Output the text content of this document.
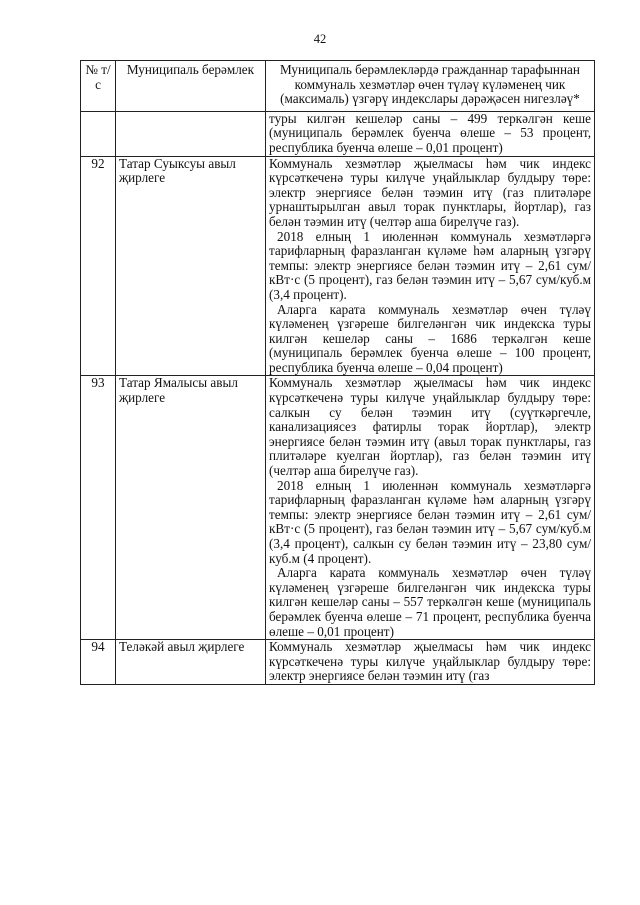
42
№ т/с	Муниципаль берәмлек	Муниципаль берәмлекләрдә гражданнар тарафыннан коммуналь хезмәтләр өчен түләү күләменең чик (максималь) үзгәрү индекслары дәрәҗәсен нигезләү*

		туры килгән кешеләр саны – 499 теркәлгән кеше (муниципаль берәмлек буенча өлеше – 53 процент, республика буенча өлеше – 0,01 процент)

92	Татар Суыксуы авыл җирлеге	Коммуналь хезмәтләр җыелмасы һәм чик индекс күрсәткеченә туры килүче уңайлыклар булдыру төре: электр энергиясе белән тәэмин итү (газ плитәләре урнаштырылган авыл торак пунктлары, йортлар), газ белән тәэмин итү (челтәр аша бирелүче газ).
2018 елның 1 июленнән коммуналь хезмәтләргә тарифларның фаразланган күләме һәм аларның үзгәрү темпы: электр энергиясе белән тәэмин итү – 2,61 сум/кВт·с (5 процент), газ белән тәэмин итү – 5,67 сум/куб.м (3,4 процент).
Аларга карата коммуналь хезмәтләр өчен түләү күләменең үзгәреше билгеләнгән чик индекска туры килгән кешеләр саны – 1686 теркәлгән кеше (муниципаль берәмлек буенча өлеше – 100 процент, республика буенча өлеше – 0,04 процент)

93	Татар Ямалысы авыл җирлеге	Коммуналь хезмәтләр җыелмасы һәм чик индекс күрсәткеченә туры килүче уңайлыклар булдыру төре: салкын су белән тәэмин итү (суүткәргечле, канализациясез фатирлы торак йортлар), электр энергиясе белән тәэмин итү (авыл торак пунктлары, газ плитәләре куелган йортлар), газ белән тәэмин итү (челтәр аша бирелүче газ).
2018 елның 1 июленнән коммуналь хезмәтләргә тарифларның фаразланган күләме һәм аларның үзгәрү темпы: электр энергиясе белән тәэмин итү – 2,61 сум/кВт·с (5 процент), газ белән тәэмин итү – 5,67 сум/куб.м (3,4 процент), салкын су белән тәэмин итү – 23,80 сум/куб.м (4 процент).
Аларга карата коммуналь хезмәтләр өчен түләү күләменең үзгәреше билгеләнгән чик индекска туры килгән кешеләр саны – 557 теркәлгән кеше (муниципаль берәмлек буенча өлеше – 71 процент, республика буенча өлеше – 0,01 процент)

94	Теләкәй авыл җирлеге	Коммуналь хезмәтләр җыелмасы һәм чик индекс күрсәткеченә туры килүче уңайлыклар булдыру төре: электр энергиясе белән тәэмин итү (газ
